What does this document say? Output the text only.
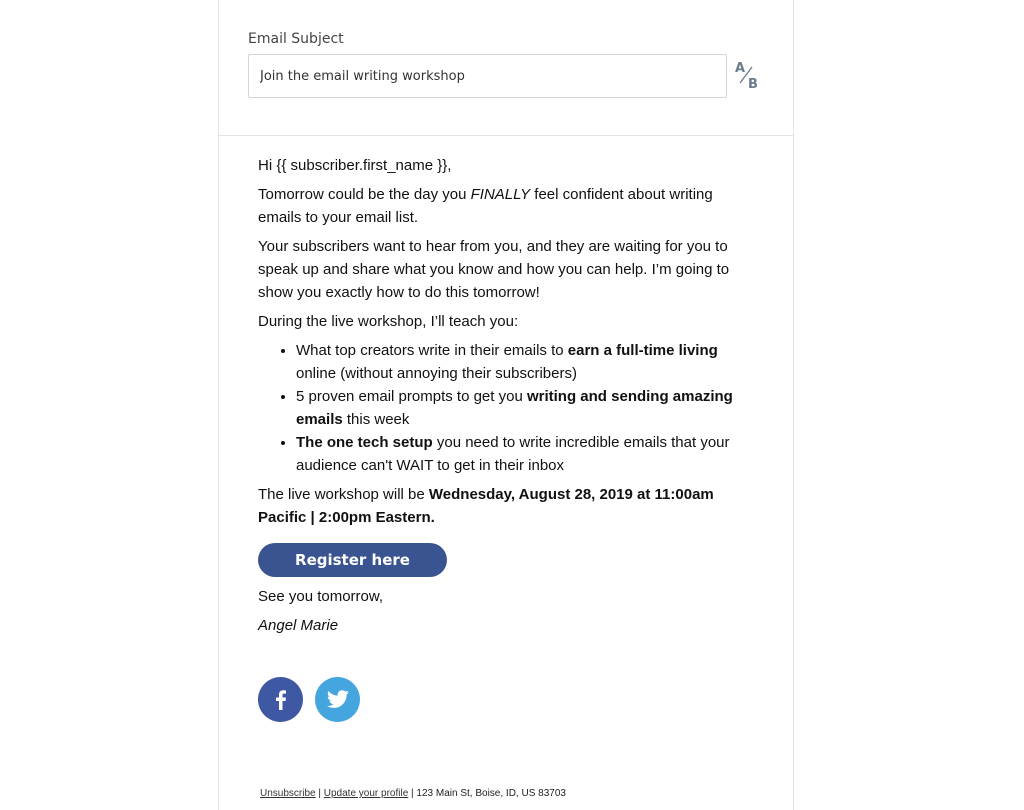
Email Subject
Join the email writing workshop
A
B

Hi {{ subscriber.first_name }},

Tomorrow could be the day you FINALLY feel confident about writing emails to your email list.

Your subscribers want to hear from you, and they are waiting for you to speak up and share what you know and how you can help. I’m going to show you exactly how to do this tomorrow!

During the live workshop, I’ll teach you:

• What top creators write in their emails to earn a full-time living online (without annoying their subscribers)
• 5 proven email prompts to get you writing and sending amazing emails this week
• The one tech setup you need to write incredible emails that your audience can't WAIT to get in their inbox

The live workshop will be Wednesday, August 28, 2019 at 11:00am Pacific | 2:00pm Eastern.

Register here

See you tomorrow,

Angel Marie

Unsubscribe | Update your profile | 123 Main St, Boise, ID, US 83703
